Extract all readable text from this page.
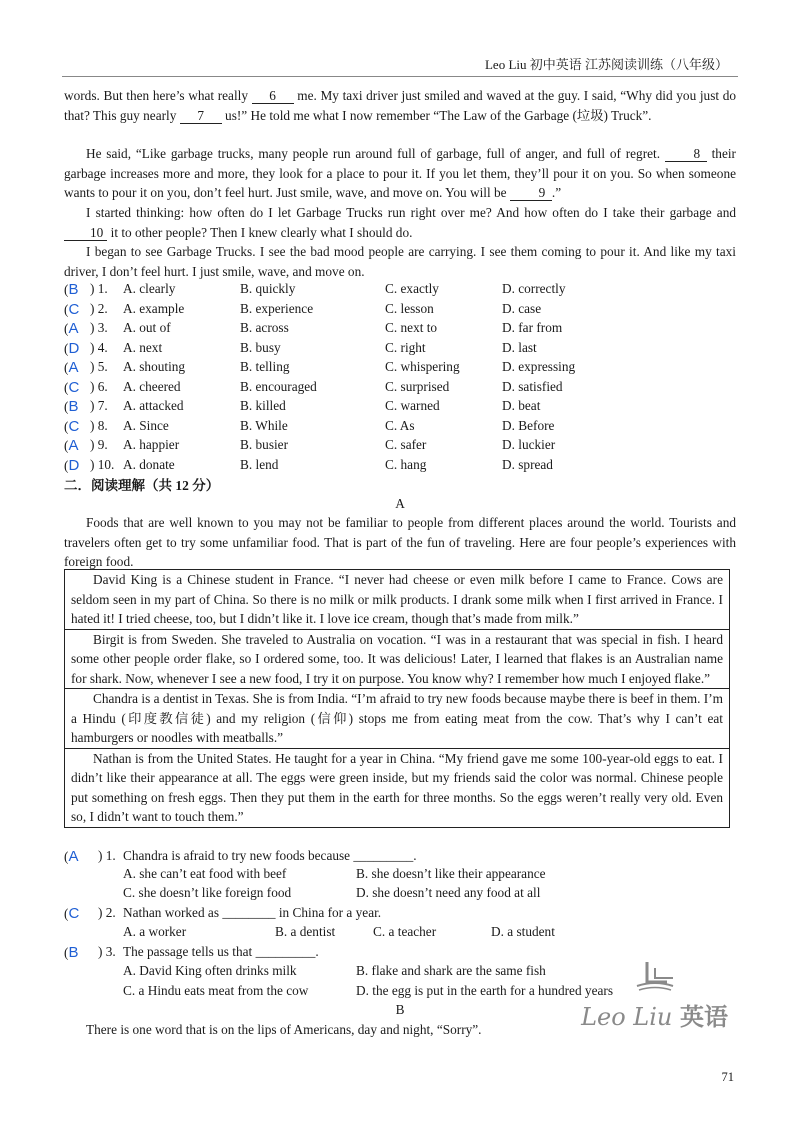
Leo Liu 初中英语 江苏阅读训练（八年级）
words. But then here’s what really 6 me. My taxi driver just smiled and waved at the guy. I said, “Why did you just do that? This guy nearly 7 us!” He told me what I now remember “The Law of the Garbage (垃圾) Truck”.
He said, “Like garbage trucks, many people run around full of garbage, full of anger, and full of regret. 8 their garbage increases more and more, they look for a place to pour it. If you let them, they’ll pour it on you. So when someone wants to pour it on you, don’t feel hurt. Just smile, wave, and move on. You will be 9 .”
I started thinking: how often do I let Garbage Trucks run right over me? And how often do I take their garbage and 10 it to other people? Then I knew clearly what I should do.
I began to see Garbage Trucks. I see the bad mood people are carrying. I see them coming to pour it. And like my taxi driver, I don’t feel hurt. I just smile, wave, and move on.
(B ) 1. A. clearly	B. quickly	C. exactly	D. correctly
(C ) 2. A. example	B. experience	C. lesson	D. case
(A ) 3. A. out of	B. across	C. next to	D. far from
(D ) 4. A. next	B. busy	C. right	D. last
(A ) 5. A. shouting	B. telling	C. whispering	D. expressing
(C ) 6. A. cheered	B. encouraged	C. surprised	D. satisfied
(B ) 7. A. attacked	B. killed	C. warned	D. beat
(C ) 8. A. Since	B. While	C. As	D. Before
(A ) 9. A. happier	B. busier	C. safer	D. luckier
(D ) 10. A. donate	B. lend	C. hang	D. spread
二．阅读理解（共 12 分）
A
Foods that are well known to you may not be familiar to people from different places around the world. Tourists and travelers often get to try some unfamiliar food. That is part of the fun of traveling. Here are four people’s experiences with foreign food.
David King is a Chinese student in France. “I never had cheese or even milk before I came to France. Cows are seldom seen in my part of China. So there is no milk or milk products. I drank some milk when I first arrived in France. I hated it! I tried cheese, too, but I didn’t like it. I love ice cream, though that’s made from milk.”
Birgit is from Sweden. She traveled to Australia on vocation. “I was in a restaurant that was special in fish. I heard some other people order flake, so I ordered some, too. It was delicious! Later, I learned that flakes is an Australian name for shark. Now, whenever I see a new food, I try it on purpose. You know why? I remember how much I enjoyed flake.”
Chandra is a dentist in Texas. She is from India. “I’m afraid to try new foods because maybe there is beef in them. I’m a Hindu (印度教信徒) and my religion (信仰) stops me from eating meat from the cow. That’s why I can’t eat hamburgers or noodles with meatballs.”
Nathan is from the United States. He taught for a year in China. “My friend gave me some 100-year-old eggs to eat. I didn’t like their appearance at all. The eggs were green inside, but my friends said the color was normal. Chinese people put something on fresh eggs. Then they put them in the earth for three months. So the eggs weren’t really very old. Even so, I didn’t want to touch them.”
(A ) 1. Chandra is afraid to try new foods because _________.
A. she can’t eat food with beef	B. she doesn’t like their appearance
C. she doesn’t like foreign food	D. she doesn’t need any food at all
(C ) 2. Nathan worked as ________ in China for a year.
A. a worker	B. a dentist	C. a teacher	D. a student
(B ) 3. The passage tells us that _________.
A. David King often drinks milk	B. flake and shark are the same fish
C. a Hindu eats meat from the cow	D. the egg is put in the earth for a hundred years
B
There is one word that is on the lips of Americans, day and night, “Sorry”.	Leo Liu 英语
71
